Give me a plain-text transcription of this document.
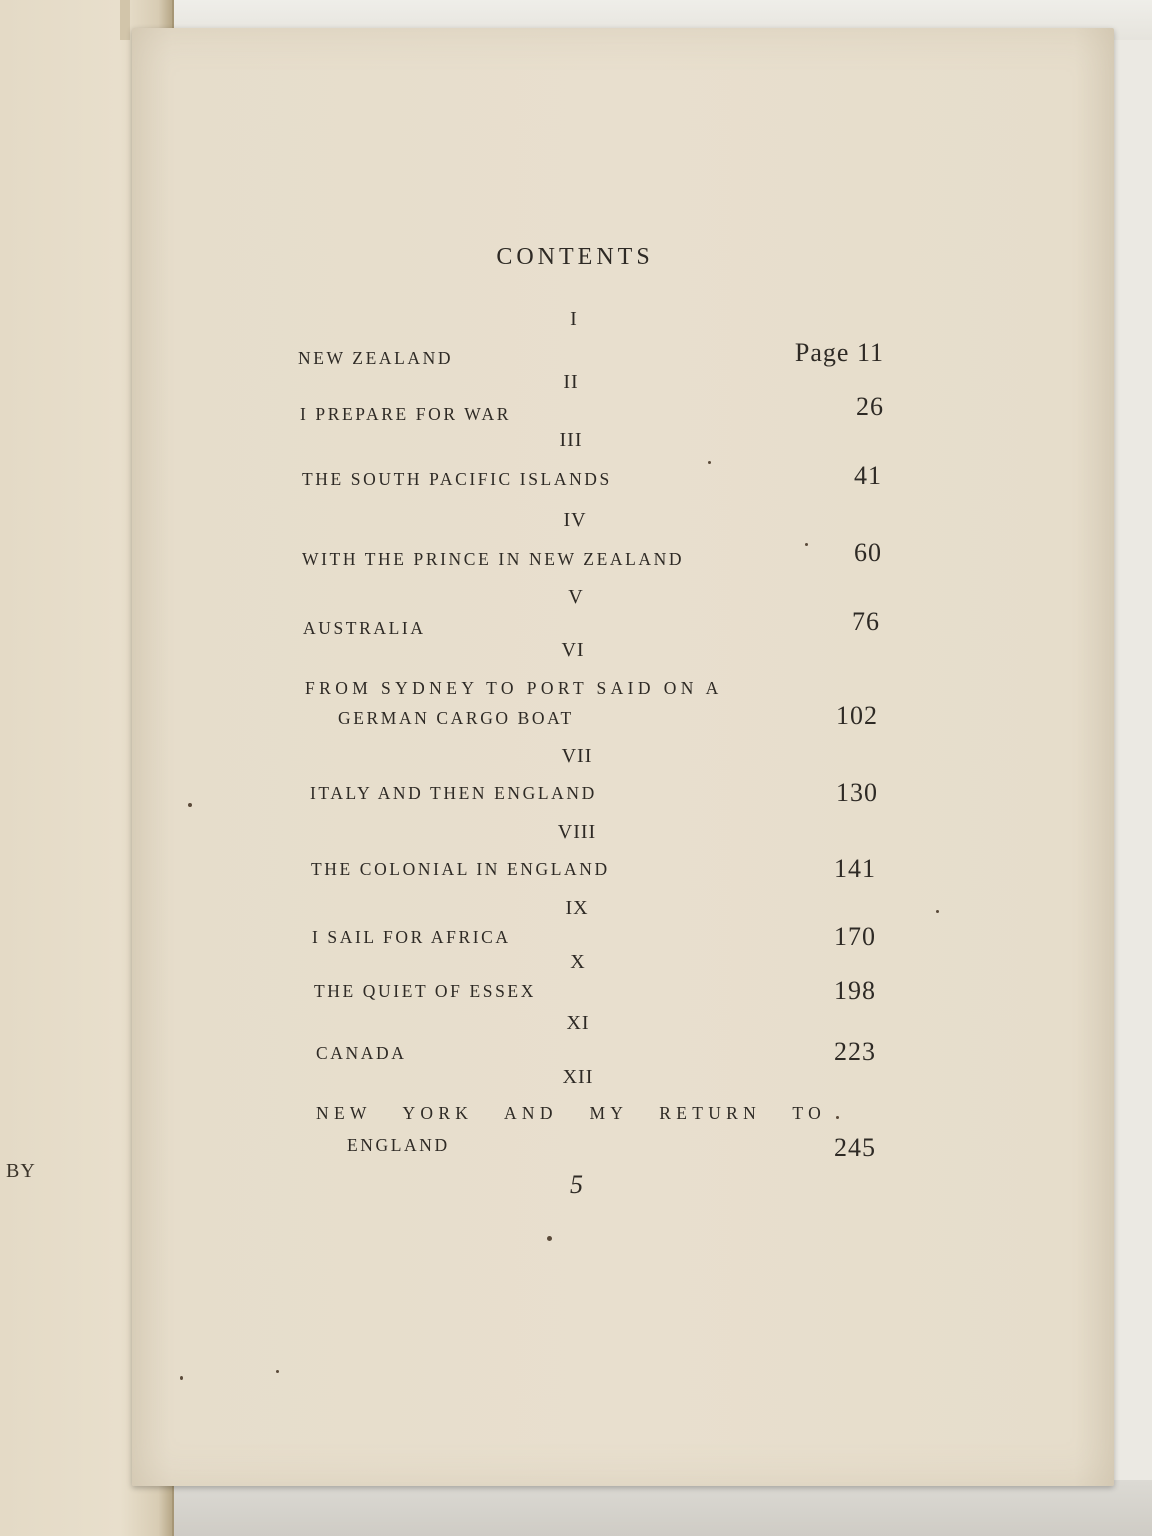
BY
CONTENTS
I
NEW ZEALAND	Page 11
II
I PREPARE FOR WAR	26
III
THE SOUTH PACIFIC ISLANDS	41
IV
WITH THE PRINCE IN NEW ZEALAND	60
V
AUSTRALIA	76
VI
FROM SYDNEY TO PORT SAID ON A
GERMAN CARGO BOAT	102
VII
ITALY AND THEN ENGLAND	130
VIII
THE COLONIAL IN ENGLAND	141
IX
I SAIL FOR AFRICA	170
X
THE QUIET OF ESSEX	198
XI
CANADA	223
XII
NEW YORK AND MY RETURN TO
ENGLAND	245
5
